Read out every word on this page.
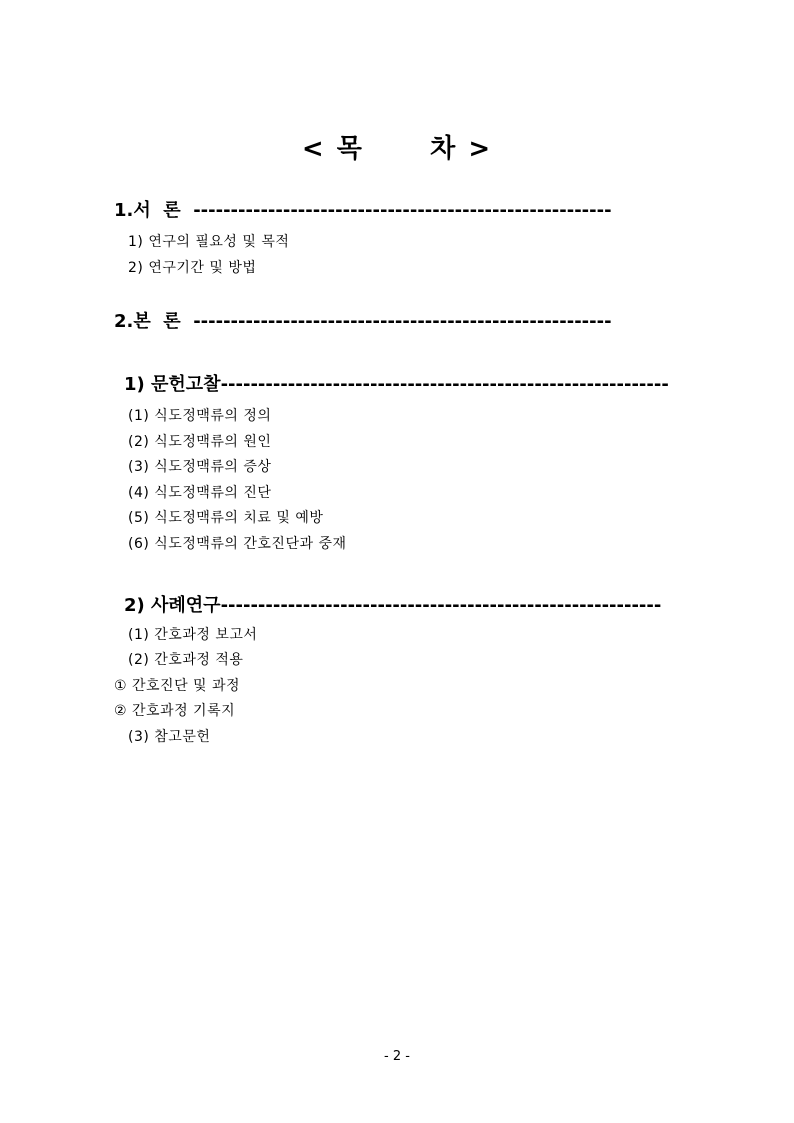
< 목      차 >
1.서  론  --------------------------------------------------------
1) 연구의 필요성 및 목적
2) 연구기간 및 방법
2.본  론  --------------------------------------------------------
1) 문헌고찰------------------------------------------------------------
(1) 식도정맥류의 정의
(2) 식도정맥류의 원인
(3) 식도정맥류의 증상
(4) 식도정맥류의 진단
(5) 식도정맥류의 치료 및 예방
(6) 식도정맥류의 간호진단과 중재
2) 사례연구-----------------------------------------------------------
(1) 간호과정 보고서
(2) 간호과정 적용
① 간호진단 및 과정
② 간호과정 기록지
(3) 참고문헌
- 2 -
